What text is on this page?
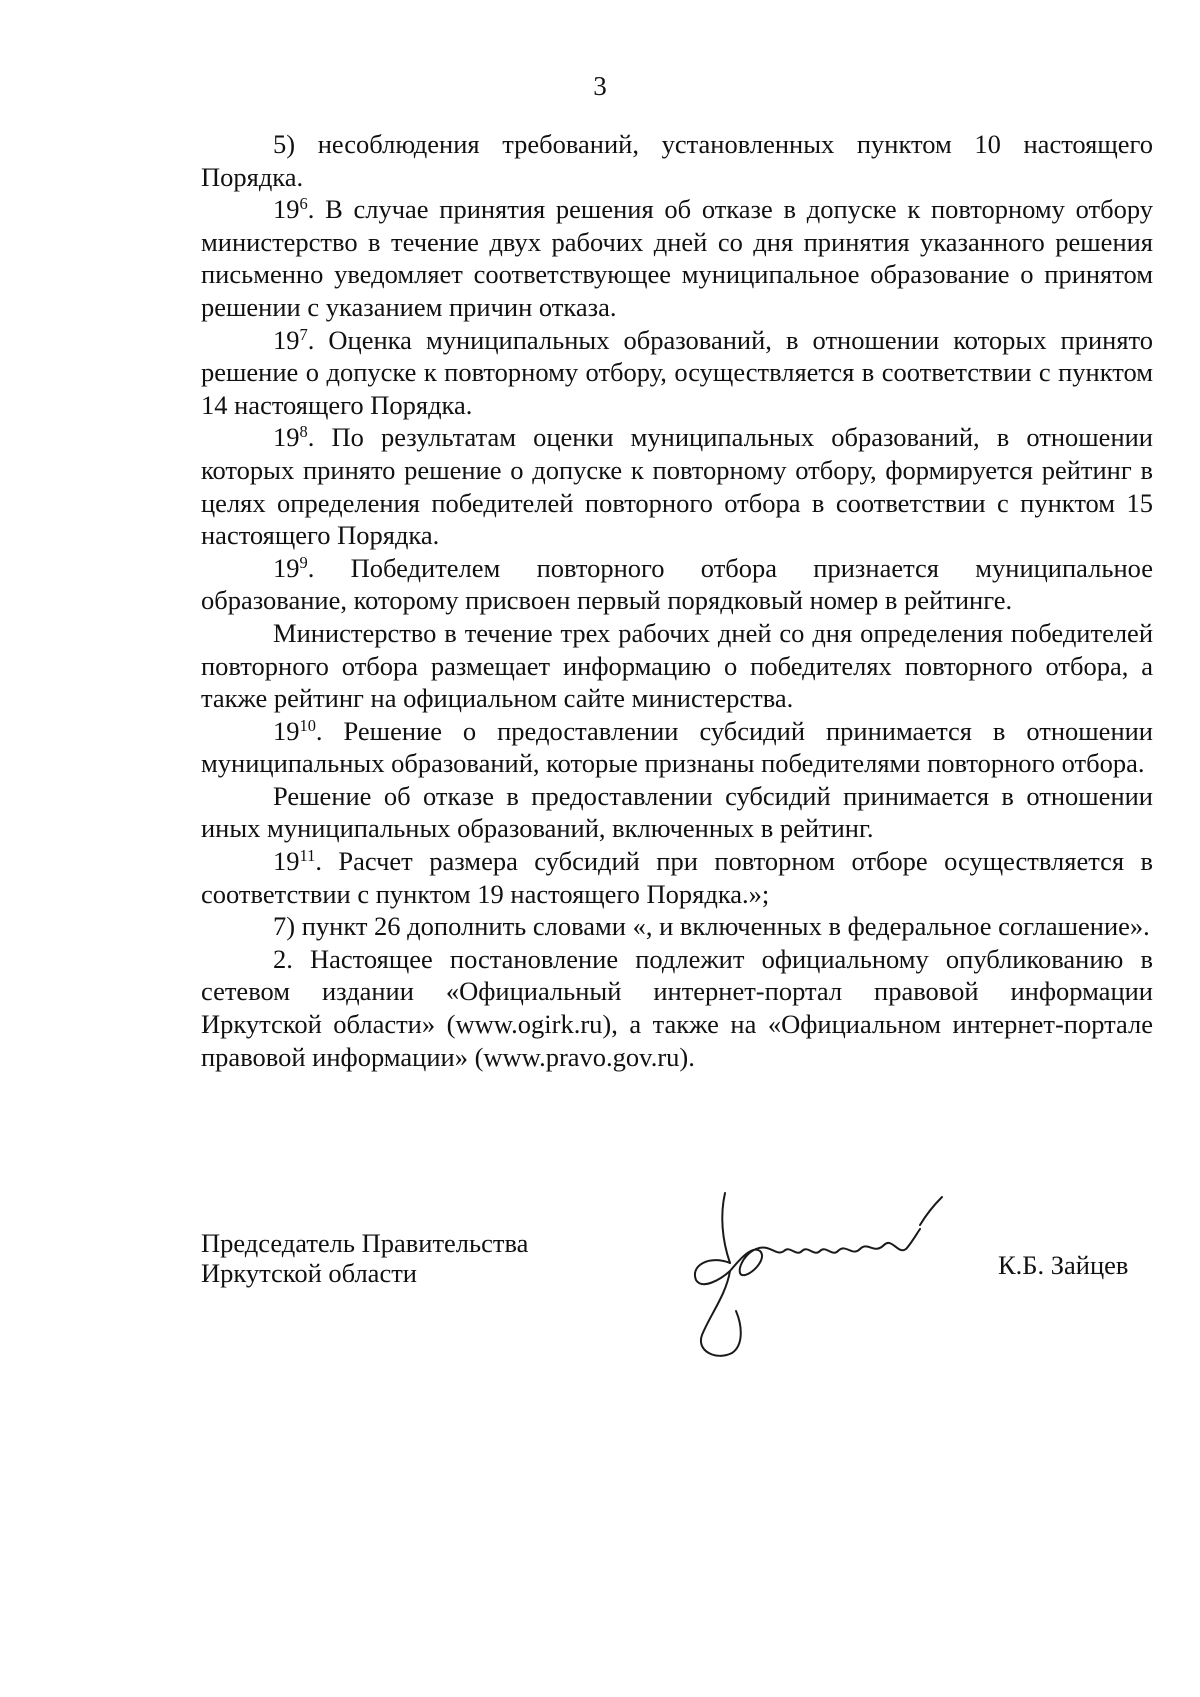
3

5) несоблюдения требований, установленных пунктом 10 настоящего Порядка.

$19^6$. В случае принятия решения об отказе в допуске к повторному отбору министерство в течение двух рабочих дней со дня принятия указанного решения письменно уведомляет соответствующее муниципальное образование о принятом решении с указанием причин отказа.

$19^7$. Оценка муниципальных образований, в отношении которых принято решение о допуске к повторному отбору, осуществляется в соответствии с пунктом 14 настоящего Порядка.

$19^8$. По результатам оценки муниципальных образований, в отношении которых принято решение о допуске к повторному отбору, формируется рейтинг в целях определения победителей повторного отбора в соответствии с пунктом 15 настоящего Порядка.

$19^9$. Победителем повторного отбора признается муниципальное образование, которому присвоен первый порядковый номер в рейтинге.

Министерство в течение трех рабочих дней со дня определения победителей повторного отбора размещает информацию о победителях повторного отбора, а также рейтинг на официальном сайте министерства.

$19^{10}$. Решение о предоставлении субсидий принимается в отношении муниципальных образований, которые признаны победителями повторного отбора.

Решение об отказе в предоставлении субсидий принимается в отношении иных муниципальных образований, включенных в рейтинг.

$19^{11}$. Расчет размера субсидий при повторном отборе осуществляется в соответствии с пунктом 19 настоящего Порядка.»;

7) пункт 26 дополнить словами «, и включенных в федеральное соглашение».

2. Настоящее постановление подлежит официальному опубликованию в сетевом издании «Официальный интернет-портал правовой информации Иркутской области» (www.ogirk.ru), а также на «Официальном интернет-портале правовой информации» (www.pravo.gov.ru).

Председатель Правительства
Иркутской области	К.Б. Зайцев
